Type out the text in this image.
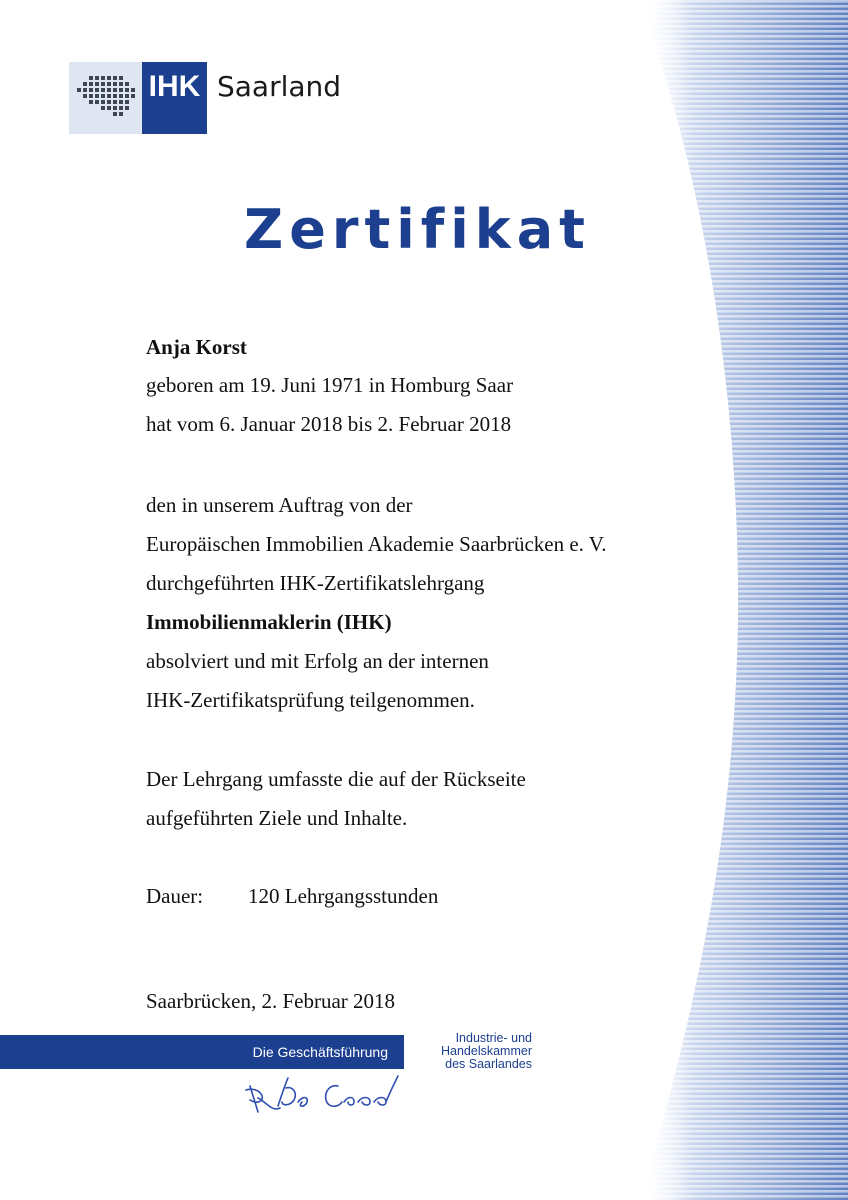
IHK Saarland
Zertifikat
Anja Korst
geboren am 19. Juni 1971 in Homburg Saar
hat vom 6. Januar 2018 bis 2. Februar 2018
den in unserem Auftrag von der
Europäischen Immobilien Akademie Saarbrücken e. V.
durchgeführten IHK-Zertifikatslehrgang
Immobilienmaklerin (IHK)
absolviert und mit Erfolg an der internen
IHK-Zertifikatsprüfung teilgenommen.
Der Lehrgang umfasste die auf der Rückseite
aufgeführten Ziele und Inhalte.
Dauer: 120 Lehrgangsstunden
Saarbrücken, 2. Februar 2018
Die Geschäftsführung
Industrie- und
Handelskammer
des Saarlandes
